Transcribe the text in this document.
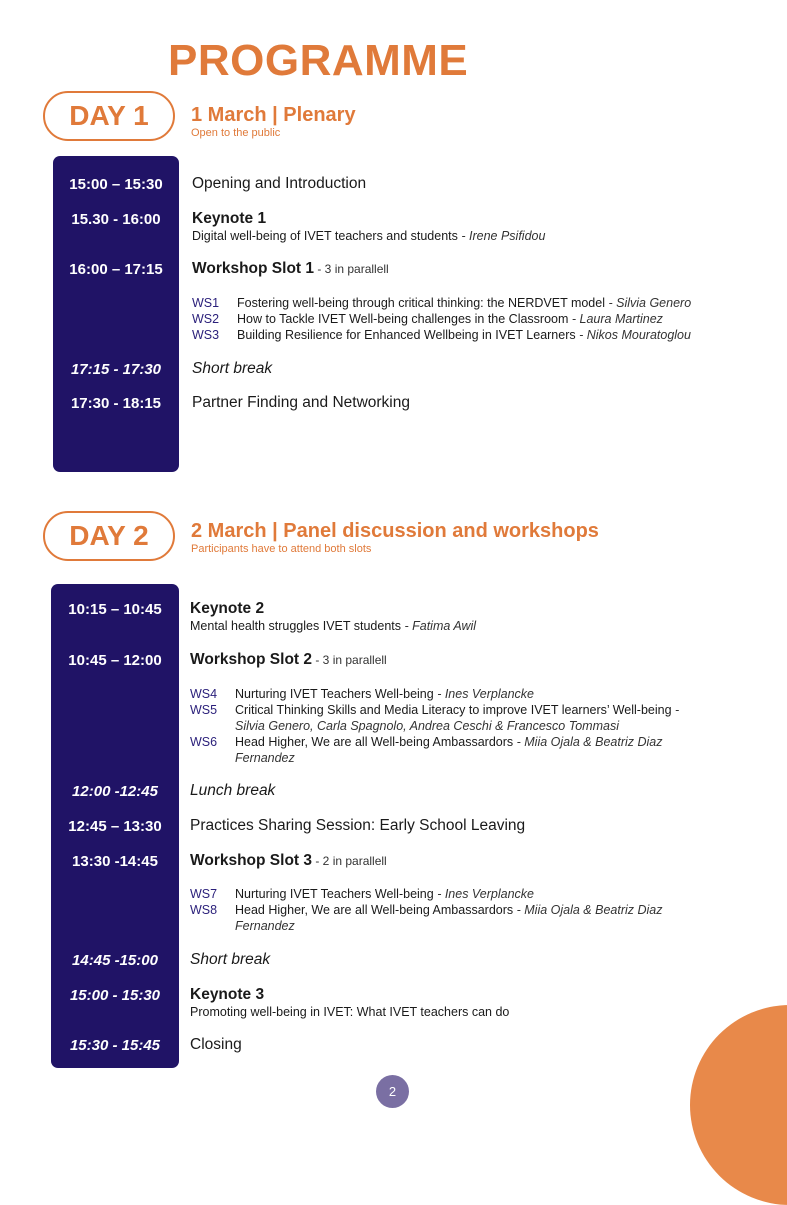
PROGRAMME
DAY 1	1 March | Plenary
Open to the public
15:00 – 15:30	Opening and Introduction
15.30 - 16:00	Keynote 1
Digital well-being of IVET teachers and students - Irene Psifidou
16:00 – 17:15	Workshop Slot 1 - 3 in parallell
WS1 Fostering well-being through critical thinking: the NERDVET model - Silvia Genero
WS2 How to Tackle IVET Well-being challenges in the Classroom - Laura Martinez
WS3 Building Resilience for Enhanced Wellbeing in IVET Learners - Nikos Mouratoglou
17:15 - 17:30	Short break
17:30 - 18:15	Partner Finding and Networking
DAY 2	2 March | Panel discussion and workshops
Participants have to attend both slots
10:15 – 10:45	Keynote 2
Mental health struggles IVET students - Fatima Awil
10:45 – 12:00	Workshop Slot 2 - 3 in parallell
WS4 Nurturing IVET Teachers Well-being - Ines Verplancke
WS5 Critical Thinking Skills and Media Literacy to improve IVET learners’ Well-being -
Silvia Genero, Carla Spagnolo, Andrea Ceschi & Francesco Tommasi
WS6 Head Higher, We are all Well-being Ambassardors - Miia Ojala & Beatriz Diaz
Fernandez
12:00 -12:45	Lunch break
12:45 – 13:30	Practices Sharing Session: Early School Leaving
13:30 -14:45	Workshop Slot 3 - 2 in parallell
WS7 Nurturing IVET Teachers Well-being - Ines Verplancke
WS8 Head Higher, We are all Well-being Ambassardors - Miia Ojala & Beatriz Diaz
Fernandez
14:45 -15:00	Short break
15:00 - 15:30	Keynote 3
Promoting well-being in IVET: What IVET teachers can do
15:30 - 15:45	Closing
2
